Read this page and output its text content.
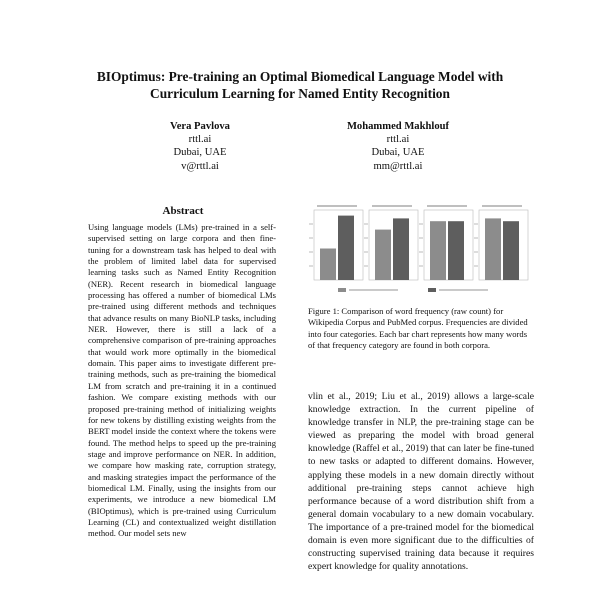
BIOptimus: Pre-training an Optimal Biomedical Language Model with
Curriculum Learning for Named Entity Recognition
Vera Pavlova
rttl.ai
Dubai, UAE
v@rttl.ai
Mohammed Makhlouf
rttl.ai
Dubai, UAE
mm@rttl.ai
Abstract
Using language models (LMs) pre-trained in a self-supervised setting on large corpora and then fine-tuning for a downstream task has helped to deal with the problem of limited label data for supervised learning tasks such as Named Entity Recognition (NER). Recent research in biomedical language processing has offered a number of biomedical LMs pre-trained using different methods and techniques that advance results on many BioNLP tasks, including NER. However, there is still a lack of a comprehensive comparison of pre-training approaches that would work more optimally in the biomedical domain. This paper aims to investigate different pre-training methods, such as pre-training the biomedical LM from scratch and pre-training it in a continued fashion. We compare existing methods with our proposed pre-training method of initializing weights for new tokens by distilling existing weights from the BERT model inside the context where the tokens were found. The method helps to speed up the pre-training stage and improve performance on NER. In addition, we compare how masking rate, corruption strategy, and masking strategies impact the performance of the biomedical LM. Finally, using the insights from our experiments, we introduce a new biomedical LM (BIOptimus), which is pre-trained using Curriculum Learning (CL) and contextualized weight distillation method. Our model sets new
Figure 1: Comparison of word frequency (raw count) for Wikipedia Corpus and PubMed corpus. Frequencies are divided into four categories. Each bar chart represents how many words of that frequency category are found in both corpora.
vlin et al., 2019; Liu et al., 2019) allows a large-scale knowledge extraction. In the current pipeline of knowledge transfer in NLP, the pre-training stage can be viewed as preparing the model with broad general knowledge (Raffel et al., 2019) that can later be fine-tuned to new tasks or adapted to different domains. However, applying these models in a new domain directly without additional pre-training steps cannot achieve high performance because of a word distribution shift from a general domain vocabulary to a new domain vocabulary. The importance of a pre-trained model for the biomedical domain is even more significant due to the difficulties of constructing supervised training data because it requires expert knowledge for quality annotations.
